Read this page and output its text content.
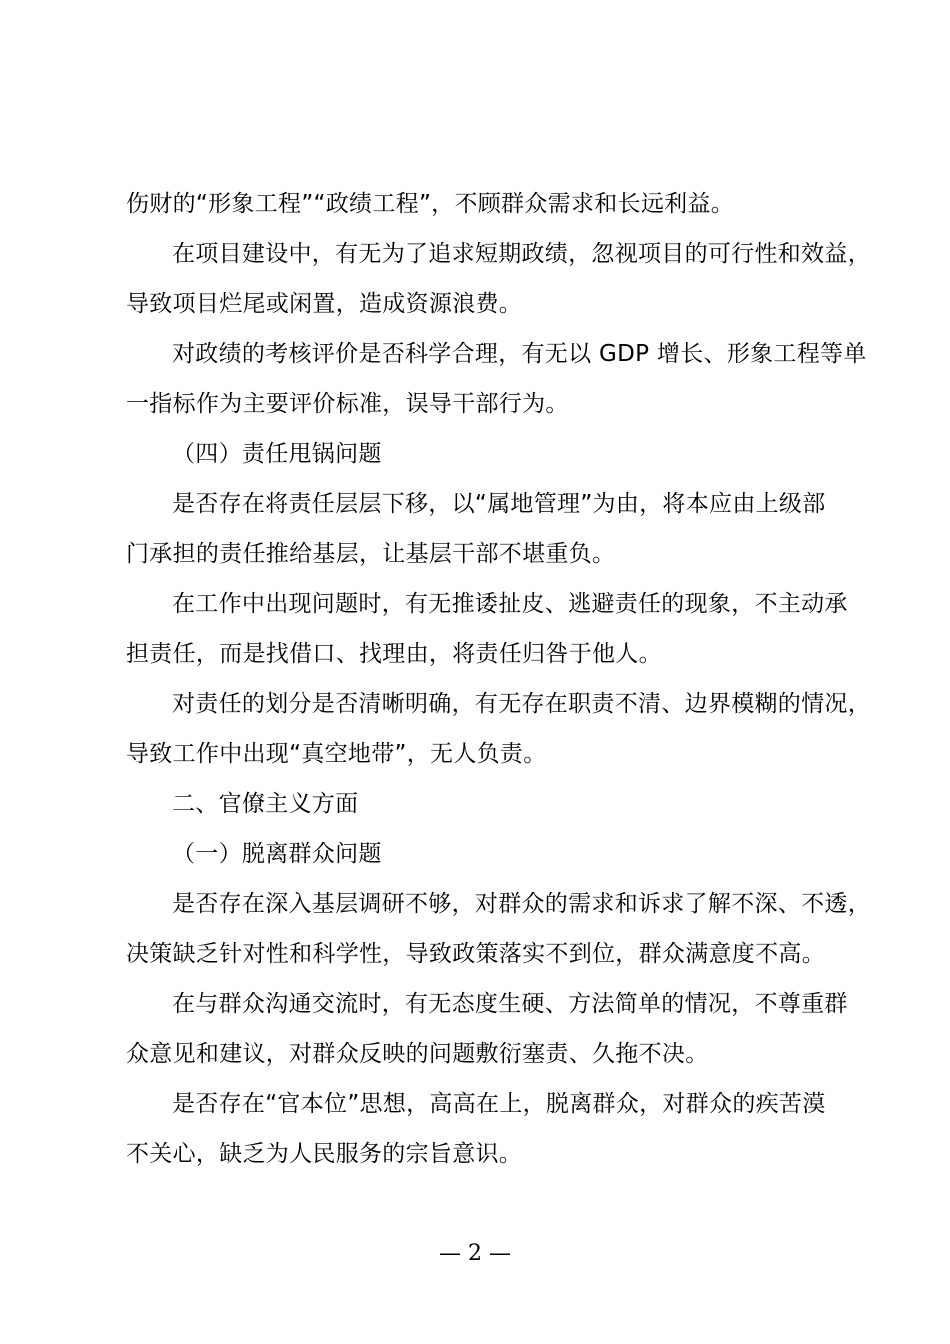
伤财的“形象工程”“政绩工程”，不顾群众需求和长远利益。
在项目建设中，有无为了追求短期政绩，忽视项目的可行性和效益，
导致项目烂尾或闲置，造成资源浪费。
对政绩的考核评价是否科学合理，有无以 GDP 增长、形象工程等单
一指标作为主要评价标准，误导干部行为。
（四）责任甩锅问题
是否存在将责任层层下移，以“属地管理”为由，将本应由上级部
门承担的责任推给基层，让基层干部不堪重负。
在工作中出现问题时，有无推诿扯皮、逃避责任的现象，不主动承
担责任，而是找借口、找理由，将责任归咎于他人。
对责任的划分是否清晰明确，有无存在职责不清、边界模糊的情况，
导致工作中出现“真空地带”，无人负责。
二、官僚主义方面
（一）脱离群众问题
是否存在深入基层调研不够，对群众的需求和诉求了解不深、不透，
决策缺乏针对性和科学性，导致政策落实不到位，群众满意度不高。
在与群众沟通交流时，有无态度生硬、方法简单的情况，不尊重群
众意见和建议，对群众反映的问题敷衍塞责、久拖不决。
是否存在“官本位”思想，高高在上，脱离群众，对群众的疾苦漠
不关心，缺乏为人民服务的宗旨意识。
— 2 —
